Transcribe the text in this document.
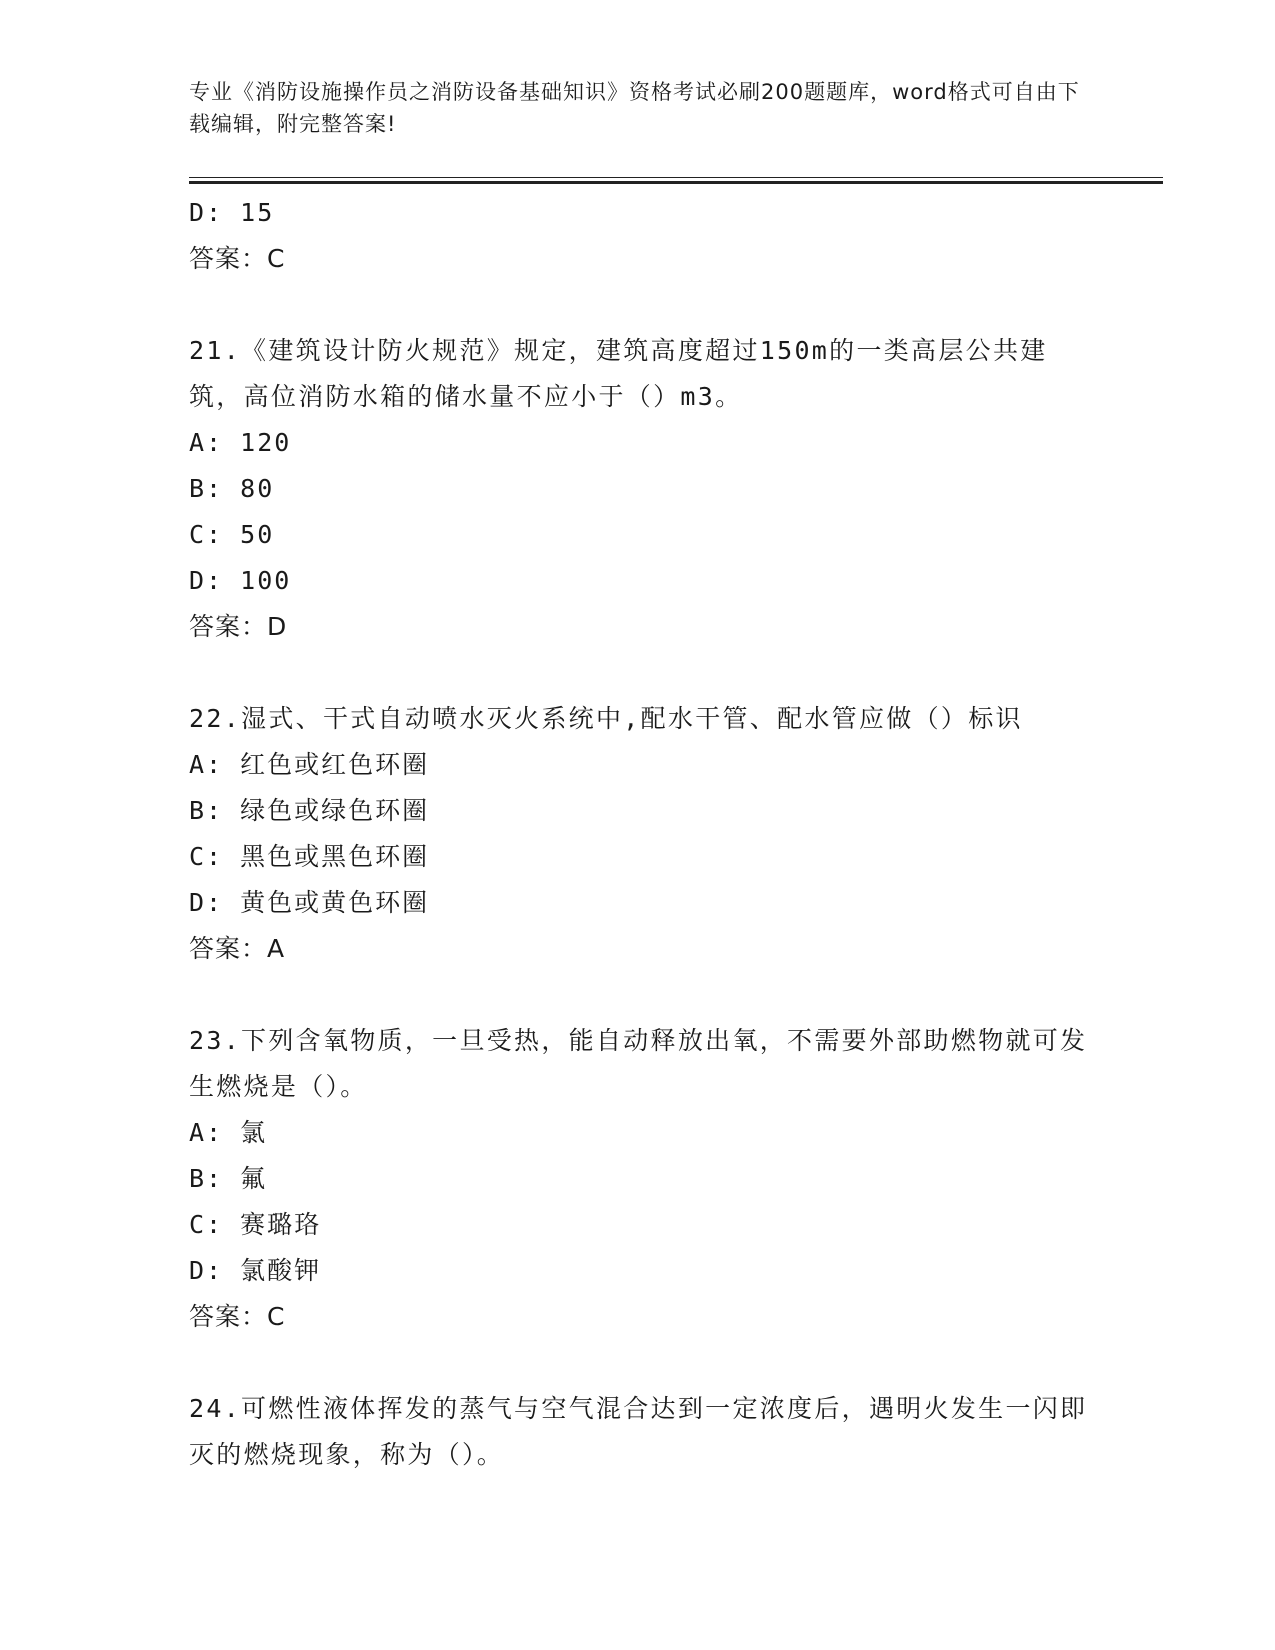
专业《消防设施操作员之消防设备基础知识》资格考试必刷200题题库，word格式可自由下载编辑，附完整答案!
D: 15
答案：C
21.《建筑设计防火规范》规定，建筑高度超过150m的一类高层公共建筑，高位消防水箱的储水量不应小于（）m3。
A: 120
B: 80
C: 50
D: 100
答案：D
22.湿式、干式自动喷水灭火系统中,配水干管、配水管应做（）标识
A: 红色或红色环圈
B: 绿色或绿色环圈
C: 黑色或黑色环圈
D: 黄色或黄色环圈
答案：A
23.下列含氧物质，一旦受热，能自动释放出氧，不需要外部助燃物就可发生燃烧是（）。
A: 氯
B: 氟
C: 赛璐珞
D: 氯酸钾
答案：C
24.可燃性液体挥发的蒸气与空气混合达到一定浓度后，遇明火发生一闪即灭的燃烧现象，称为（）。
